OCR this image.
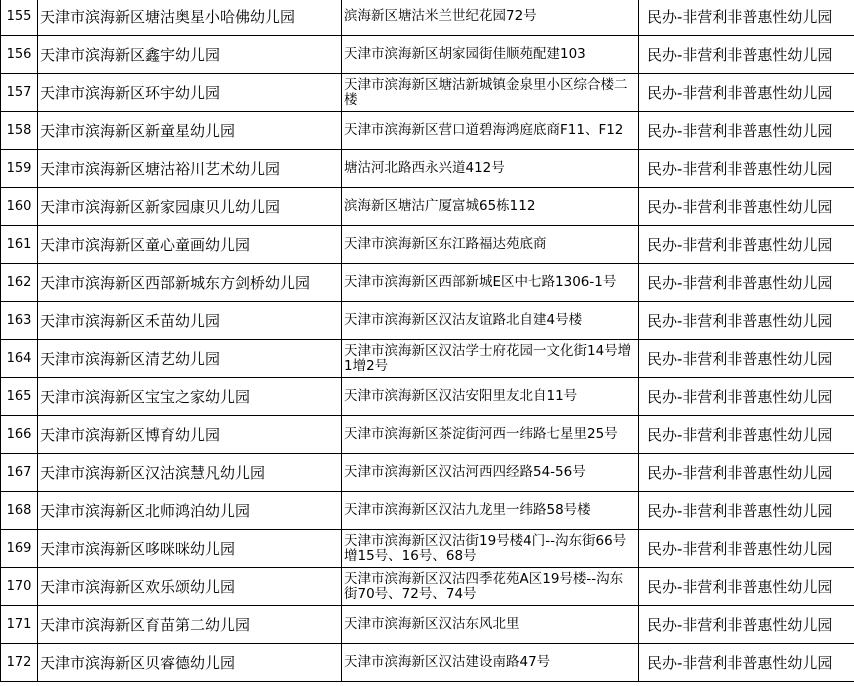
155	天津市滨海新区塘沽奥星小哈佛幼儿园	滨海新区塘沽米兰世纪花园72号	民办-非营利非普惠性幼儿园
156	天津市滨海新区鑫宇幼儿园	天津市滨海新区胡家园街佳顺苑配建103	民办-非营利非普惠性幼儿园
157	天津市滨海新区环宇幼儿园	天津市滨海新区塘沽新城镇金泉里小区综合楼二楼	民办-非营利非普惠性幼儿园
158	天津市滨海新区新童星幼儿园	天津市滨海新区营口道碧海鸿庭底商F11、F12	民办-非营利非普惠性幼儿园
159	天津市滨海新区塘沽裕川艺术幼儿园	塘沽河北路西永兴道412号	民办-非营利非普惠性幼儿园
160	天津市滨海新区新家园康贝儿幼儿园	滨海新区塘沽广厦富城65栋112	民办-非营利非普惠性幼儿园
161	天津市滨海新区童心童画幼儿园	天津市滨海新区东江路福达苑底商	民办-非营利非普惠性幼儿园
162	天津市滨海新区西部新城东方剑桥幼儿园	天津市滨海新区西部新城E区中七路1306-1号	民办-非营利非普惠性幼儿园
163	天津市滨海新区禾苗幼儿园	天津市滨海新区汉沽友谊路北自建4号楼	民办-非营利非普惠性幼儿园
164	天津市滨海新区清艺幼儿园	天津市滨海新区汉沽学士府花园一文化街14号增1增2号	民办-非营利非普惠性幼儿园
165	天津市滨海新区宝宝之家幼儿园	天津市滨海新区汉沽安阳里友北自11号	民办-非营利非普惠性幼儿园
166	天津市滨海新区博育幼儿园	天津市滨海新区茶淀街河西一纬路七星里25号	民办-非营利非普惠性幼儿园
167	天津市滨海新区汉沽滨慧凡幼儿园	天津市滨海新区汉沽河西四经路54-56号	民办-非营利非普惠性幼儿园
168	天津市滨海新区北师鸿泊幼儿园	天津市滨海新区汉沽九龙里一纬路58号楼	民办-非营利非普惠性幼儿园
169	天津市滨海新区哆咪咪幼儿园	天津市滨海新区汉沽街19号楼4门--沟东街66号增15号、16号、68号	民办-非营利非普惠性幼儿园
170	天津市滨海新区欢乐颂幼儿园	天津市滨海新区汉沽四季花苑A区19号楼--沟东街70号、72号、74号	民办-非营利非普惠性幼儿园
171	天津市滨海新区育苗第二幼儿园	天津市滨海新区汉沽东风北里	民办-非营利非普惠性幼儿园
172	天津市滨海新区贝睿德幼儿园	天津市滨海新区汉沽建设南路47号	民办-非营利非普惠性幼儿园
